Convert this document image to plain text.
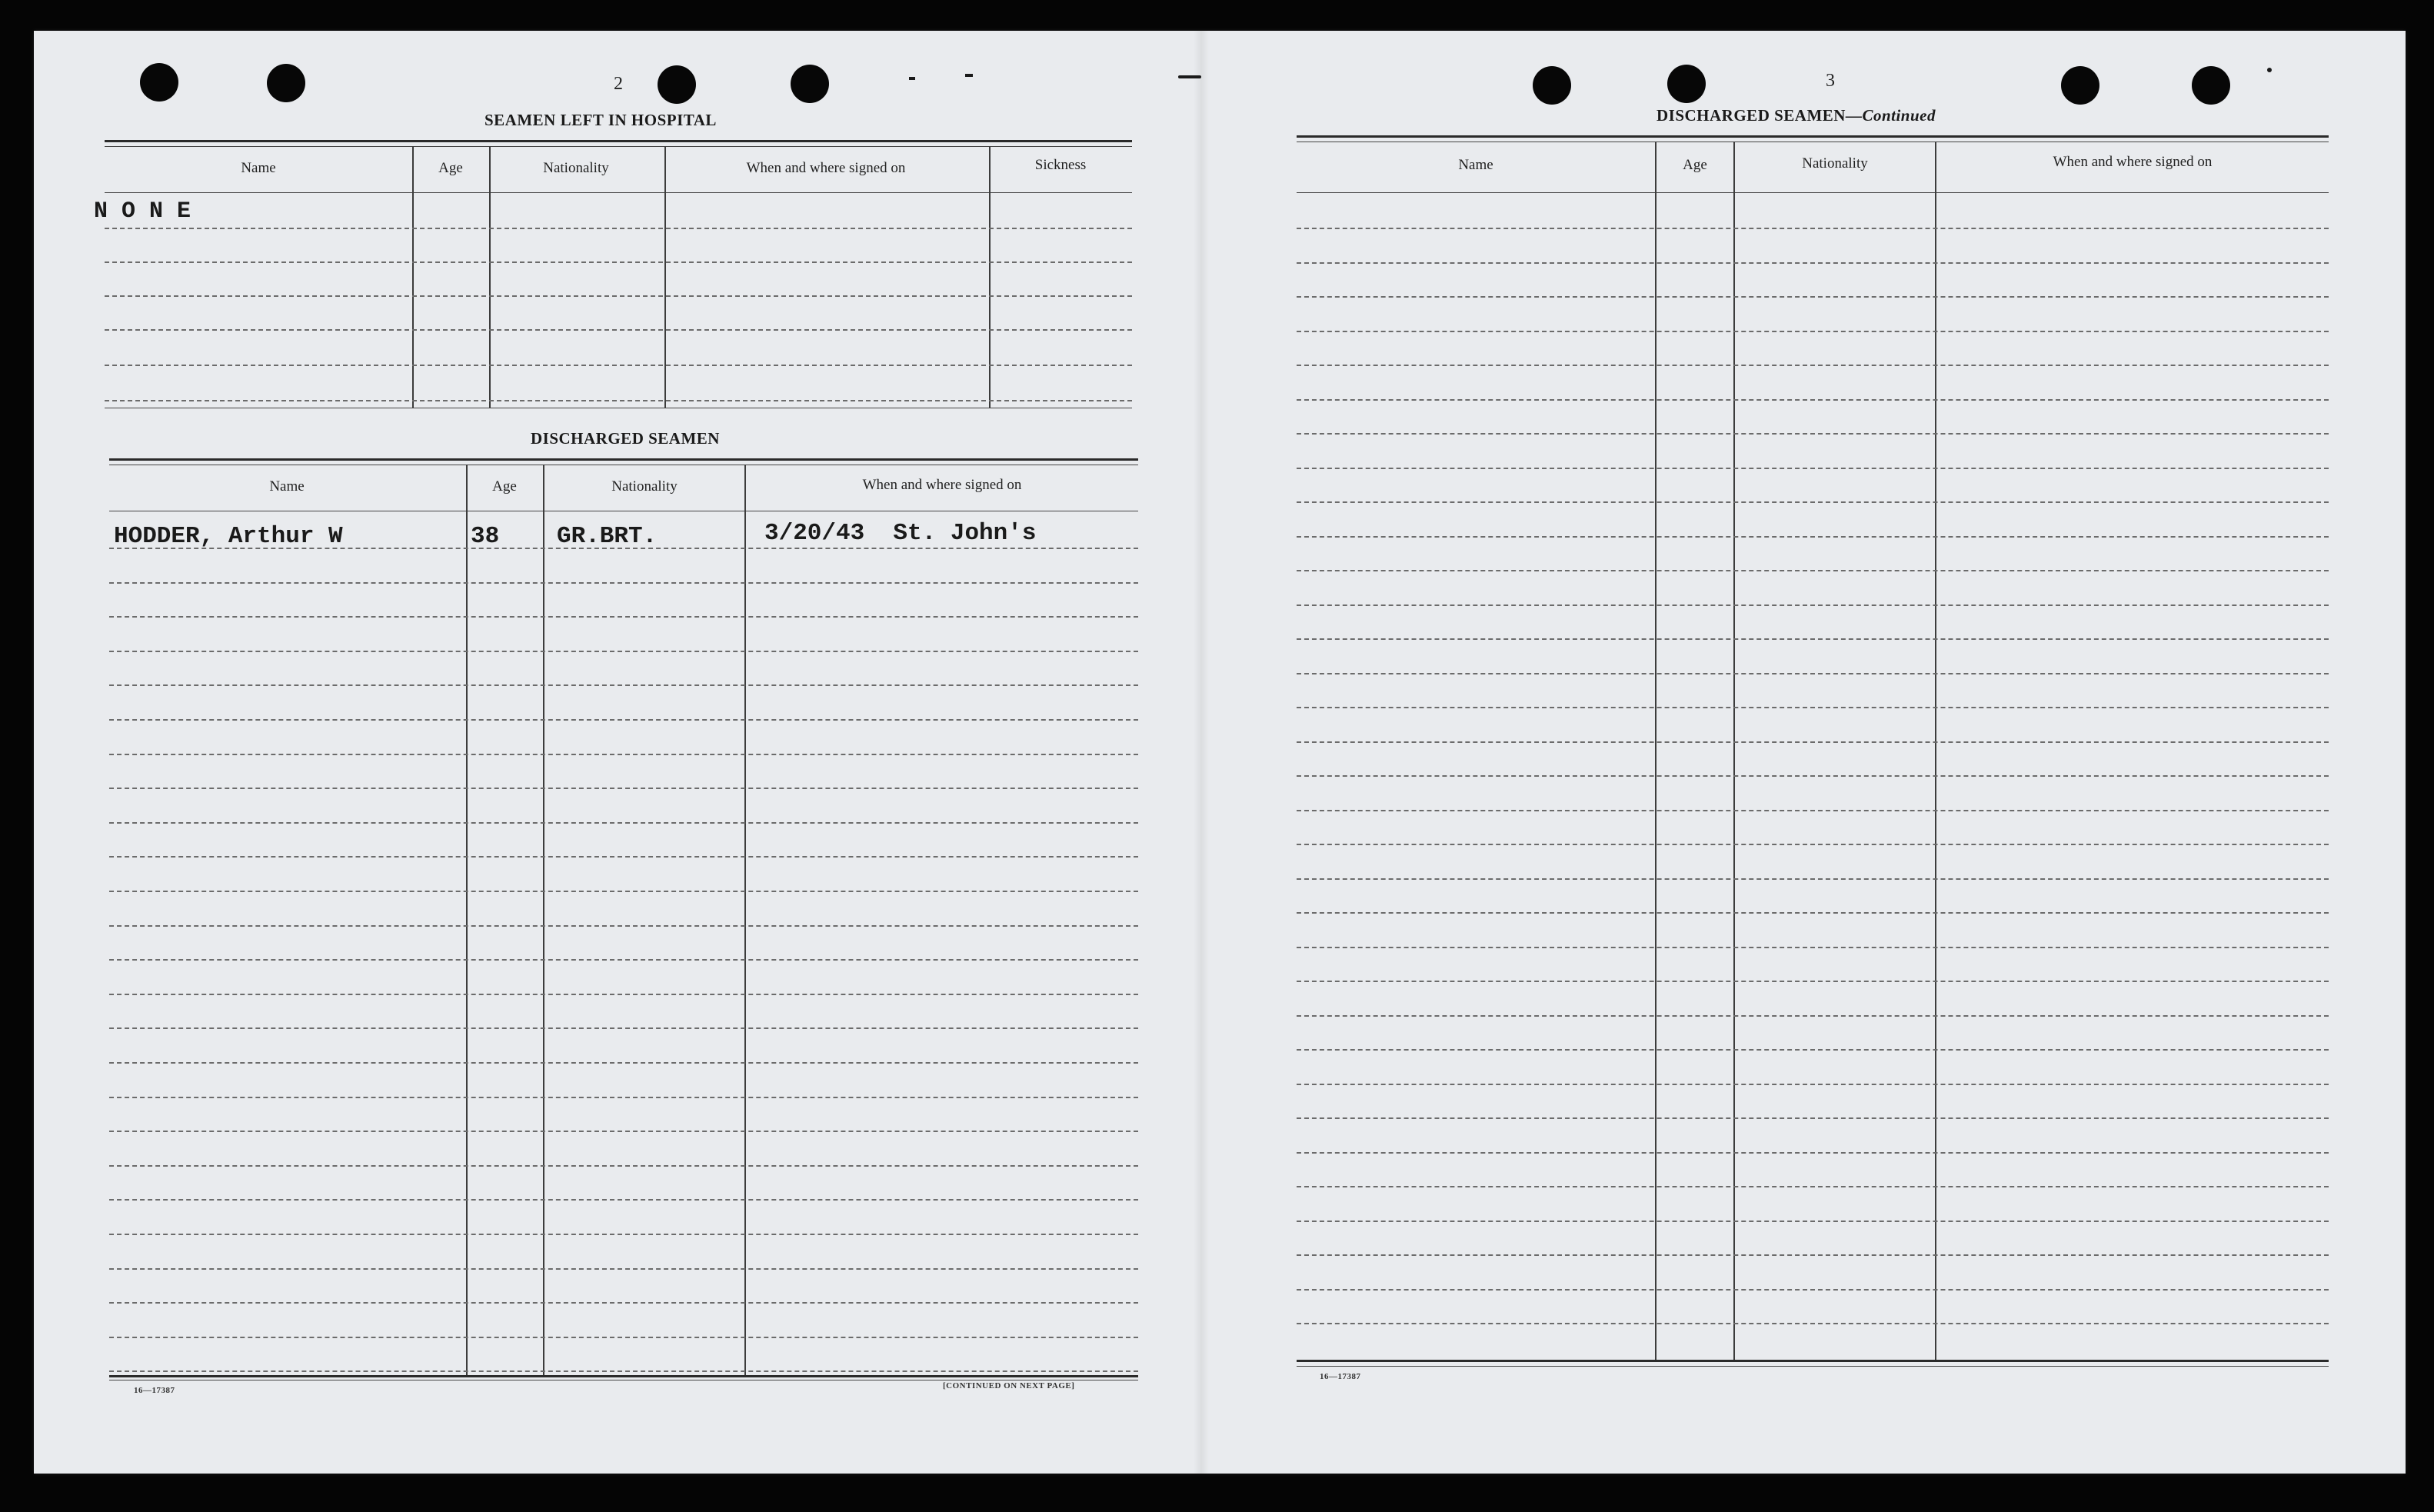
2
SEAMEN LEFT IN HOSPITAL
Name	Age	Nationality	When and where signed on	Sickness
N O N E
DISCHARGED SEAMEN
Name	Age	Nationality	When and where signed on
HODDER, Arthur W	38 GR.BRT.	3/20/43  St. John's
16—17387	[CONTINUED ON NEXT PAGE]
3
DISCHARGED SEAMEN—Continued
Name	Age	Nationality	When and where signed on
16—17387
